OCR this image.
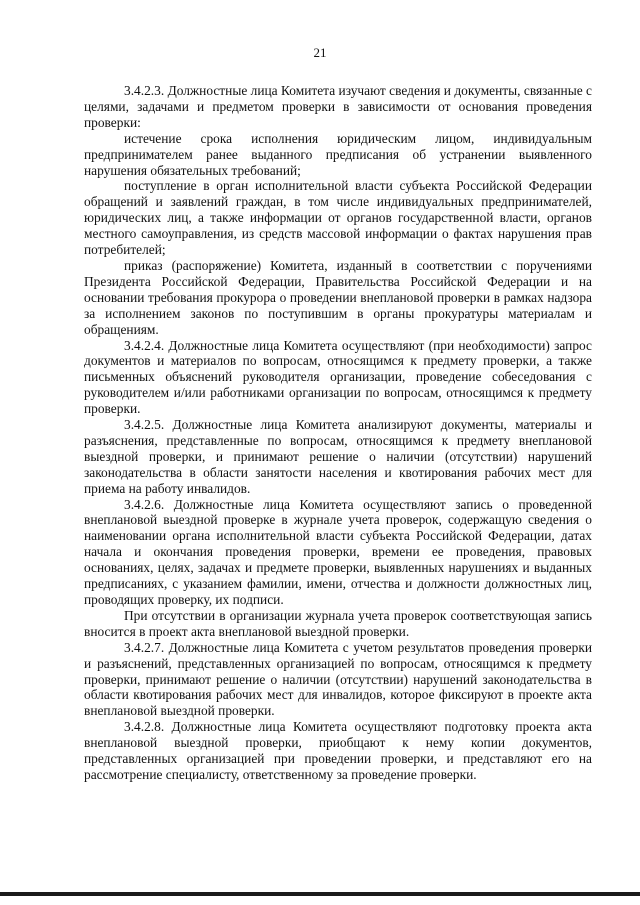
21

3.4.2.3. Должностные лица Комитета изучают сведения и документы, связанные с целями, задачами и предметом проверки в зависимости от основания проведения проверки:

истечение срока исполнения юридическим лицом, индивидуальным предпринимателем ранее выданного предписания об устранении выявленного нарушения обязательных требований;

поступление в орган исполнительной власти субъекта Российской Федерации обращений и заявлений граждан, в том числе индивидуальных предпринимателей, юридических лиц, а также информации от органов государственной власти, органов местного самоуправления, из средств массовой информации о фактах нарушения прав потребителей;

приказ (распоряжение) Комитета, изданный в соответствии с поручениями Президента Российской Федерации, Правительства Российской Федерации и на основании требования прокурора о проведении внеплановой проверки в рамках надзора за исполнением законов по поступившим в органы прокуратуры материалам и обращениям.

3.4.2.4. Должностные лица Комитета осуществляют (при необходимости) запрос документов и материалов по вопросам, относящимся к предмету проверки, а также письменных объяснений руководителя организации, проведение собеседования с руководителем и/или работниками организации по вопросам, относящимся к предмету проверки.

3.4.2.5. Должностные лица Комитета анализируют документы, материалы и разъяснения, представленные по вопросам, относящимся к предмету внеплановой выездной проверки, и принимают решение о наличии (отсутствии) нарушений законодательства в области занятости населения и квотирования рабочих мест для приема на работу инвалидов.

3.4.2.6. Должностные лица Комитета осуществляют запись о проведенной внеплановой выездной проверке в журнале учета проверок, содержащую сведения о наименовании органа исполнительной власти субъекта Российской Федерации, датах начала и окончания проведения проверки, времени ее проведения, правовых основаниях, целях, задачах и предмете проверки, выявленных нарушениях и выданных предписаниях, с указанием фамилии, имени, отчества и должности должностных лиц, проводящих проверку, их подписи.

При отсутствии в организации журнала учета проверок соответствующая запись вносится в проект акта внеплановой выездной проверки.

3.4.2.7. Должностные лица Комитета с учетом результатов проведения проверки и разъяснений, представленных организацией по вопросам, относящимся к предмету проверки, принимают решение о наличии (отсутствии) нарушений законодательства в области квотирования рабочих мест для инвалидов, которое фиксируют в проекте акта внеплановой выездной проверки.

3.4.2.8. Должностные лица Комитета осуществляют подготовку проекта акта внеплановой выездной проверки, приобщают к нему копии документов, представленных организацией при проведении проверки, и представляют его на рассмотрение специалисту, ответственному за проведение проверки.
